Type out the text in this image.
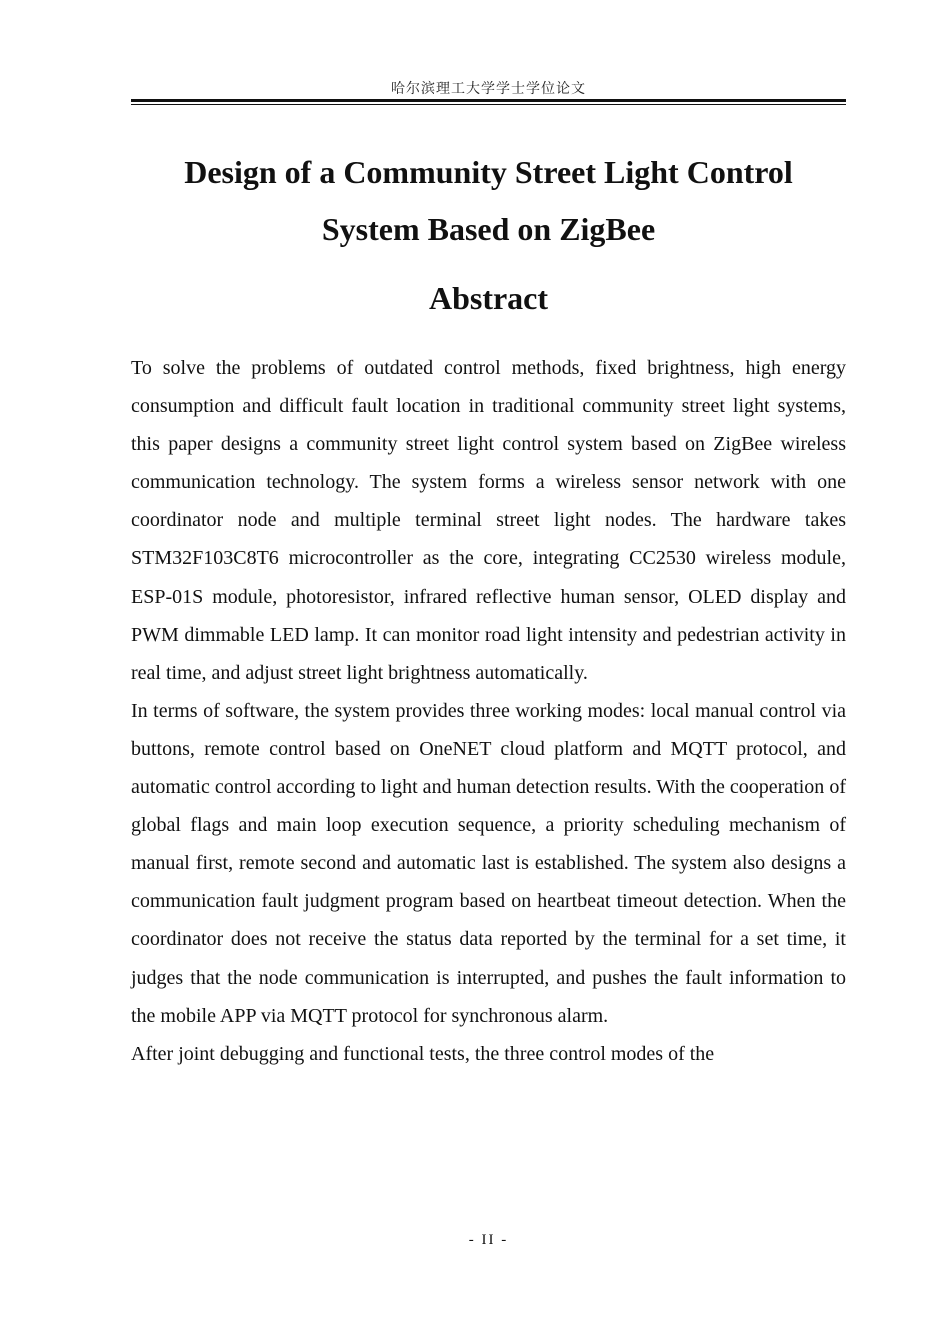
哈尔滨理工大学学士学位论文
Design of a Community Street Light Control
System Based on ZigBee
Abstract

To solve the problems of outdated control methods, fixed brightness, high energy consumption and difficult fault location in traditional community street light systems, this paper designs a community street light control system based on ZigBee wireless communication technology. The system forms a wireless sensor network with one coordinator node and multiple terminal street light nodes. The hardware takes STM32F103C8T6 microcontroller as the core, integrating CC2530 wireless module, ESP-01S module, photoresistor, infrared reflective human sensor, OLED display and PWM dimmable LED lamp. It can monitor road light intensity and pedestrian activity in real time, and adjust street light brightness automatically.

In terms of software, the system provides three working modes: local manual control via buttons, remote control based on OneNET cloud platform and MQTT protocol, and automatic control according to light and human detection results. With the cooperation of global flags and main loop execution sequence, a priority scheduling mechanism of manual first, remote second and automatic last is established. The system also designs a communication fault judgment program based on heartbeat timeout detection. When the coordinator does not receive the status data reported by the terminal for a set time, it judges that the node communication is interrupted, and pushes the fault information to the mobile APP via MQTT protocol for synchronous alarm.

After joint debugging and functional tests, the three control modes of the

- II -
